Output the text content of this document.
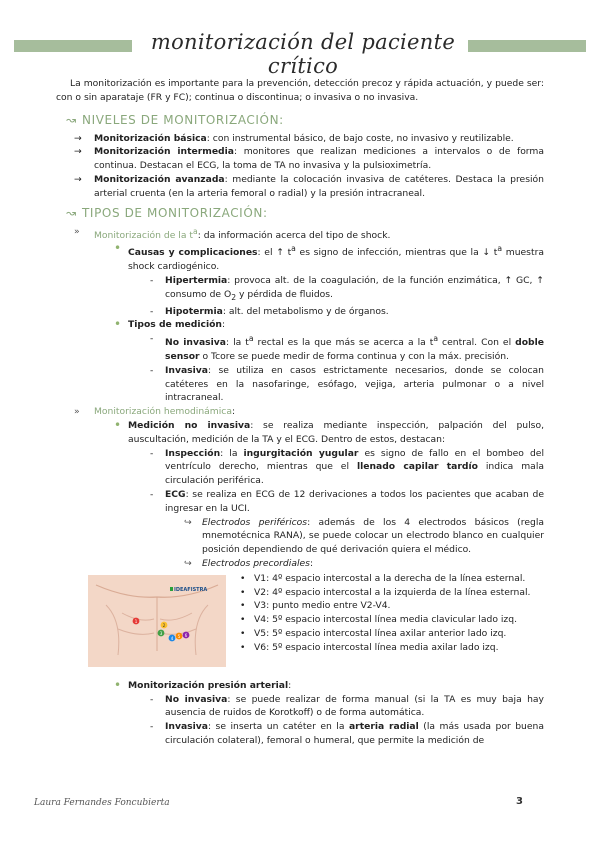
monitorización del paciente crítico

La monitorización es importante para la prevención, detección precoz y rápida actuación, y puede ser: con o sin aparataje (FR y FC); continua o discontinua; o invasiva o no invasiva.

↝ NIVELES DE MONITORIZACIÓN:
→	Monitorización básica: con instrumental básico, de bajo coste, no invasivo y reutilizable.
→	Monitorización intermedia: monitores que realizan mediciones a intervalos o de forma continua. Destacan el ECG, la toma de TA no invasiva y la pulsioximetría.
→	Monitorización avanzada: mediante la colocación invasiva de catéteres. Destaca la presión arterial cruenta (en la arteria femoral o radial) y la presión intracraneal.
↝ TIPOS DE MONITORIZACIÓN:
»	Monitorización de la $t^a$: da información acerca del tipo de shock.
• Causas y complicaciones: el ↑ $t^a$ es signo de infección, mientras que la ↓ $t^a$ muestra shock cardiogénico.
-	Hipertermia: provoca alt. de la coagulación, de la función enzimática, ↑ GC, ↑ consumo de $O_2$ y pérdida de fluidos.
-	Hipotermia: alt. del metabolismo y de órganos.
• Tipos de medición:
-	No invasiva: la $t^a$ rectal es la que más se acerca a la $t^a$ central. Con el doble sensor o Tcore se puede medir de forma continua y con la máx. precisión.
-	Invasiva: se utiliza en casos estrictamente necesarios, donde se colocan catéteres en la nasofaringe, esófago, vejiga, arteria pulmonar o a nivel intracraneal.
»	Monitorización hemodinámica:
• Medición no invasiva: se realiza mediante inspección, palpación del pulso, auscultación, medición de la TA y el ECG. Dentro de estos, destacan:
-	Inspección: la ingurgitación yugular es signo de fallo en el bombeo del ventrículo derecho, mientras que el llenado capilar tardío indica mala circulación periférica.
-	ECG: se realiza en ECG de 12 derivaciones a todos los pacientes que acaban de ingresar en la UCI.
↪	Electrodos periféricos: además de los 4 electrodos básicos (regla mnemotécnica RANA), se puede colocar un electrodo blanco en cualquier posición dependiendo de qué derivación quiera el médico.
↪	Electrodos precordiales:
IDEAFISTRA
1
2
3
4 5 6
• V1: 4º espacio intercostal a la derecha de la línea esternal.
• V2: 4º espacio intercostal a la izquierda de la línea esternal.
• V3: punto medio entre V2-V4.
• V4: 5º espacio intercostal línea media clavicular lado izq.
• V5: 5º espacio intercostal línea axilar anterior lado izq.
• V6: 5º espacio intercostal línea media axilar lado izq.
• Monitorización presión arterial:
-	No invasiva: se puede realizar de forma manual (si la TA es muy baja hay ausencia de ruidos de Korotkoff) o de forma automática.
-	Invasiva: se inserta un catéter en la arteria radial (la más usada por buena circulación colateral), femoral o humeral, que permite la medición de
Laura Fernandes Foncubierta	3
